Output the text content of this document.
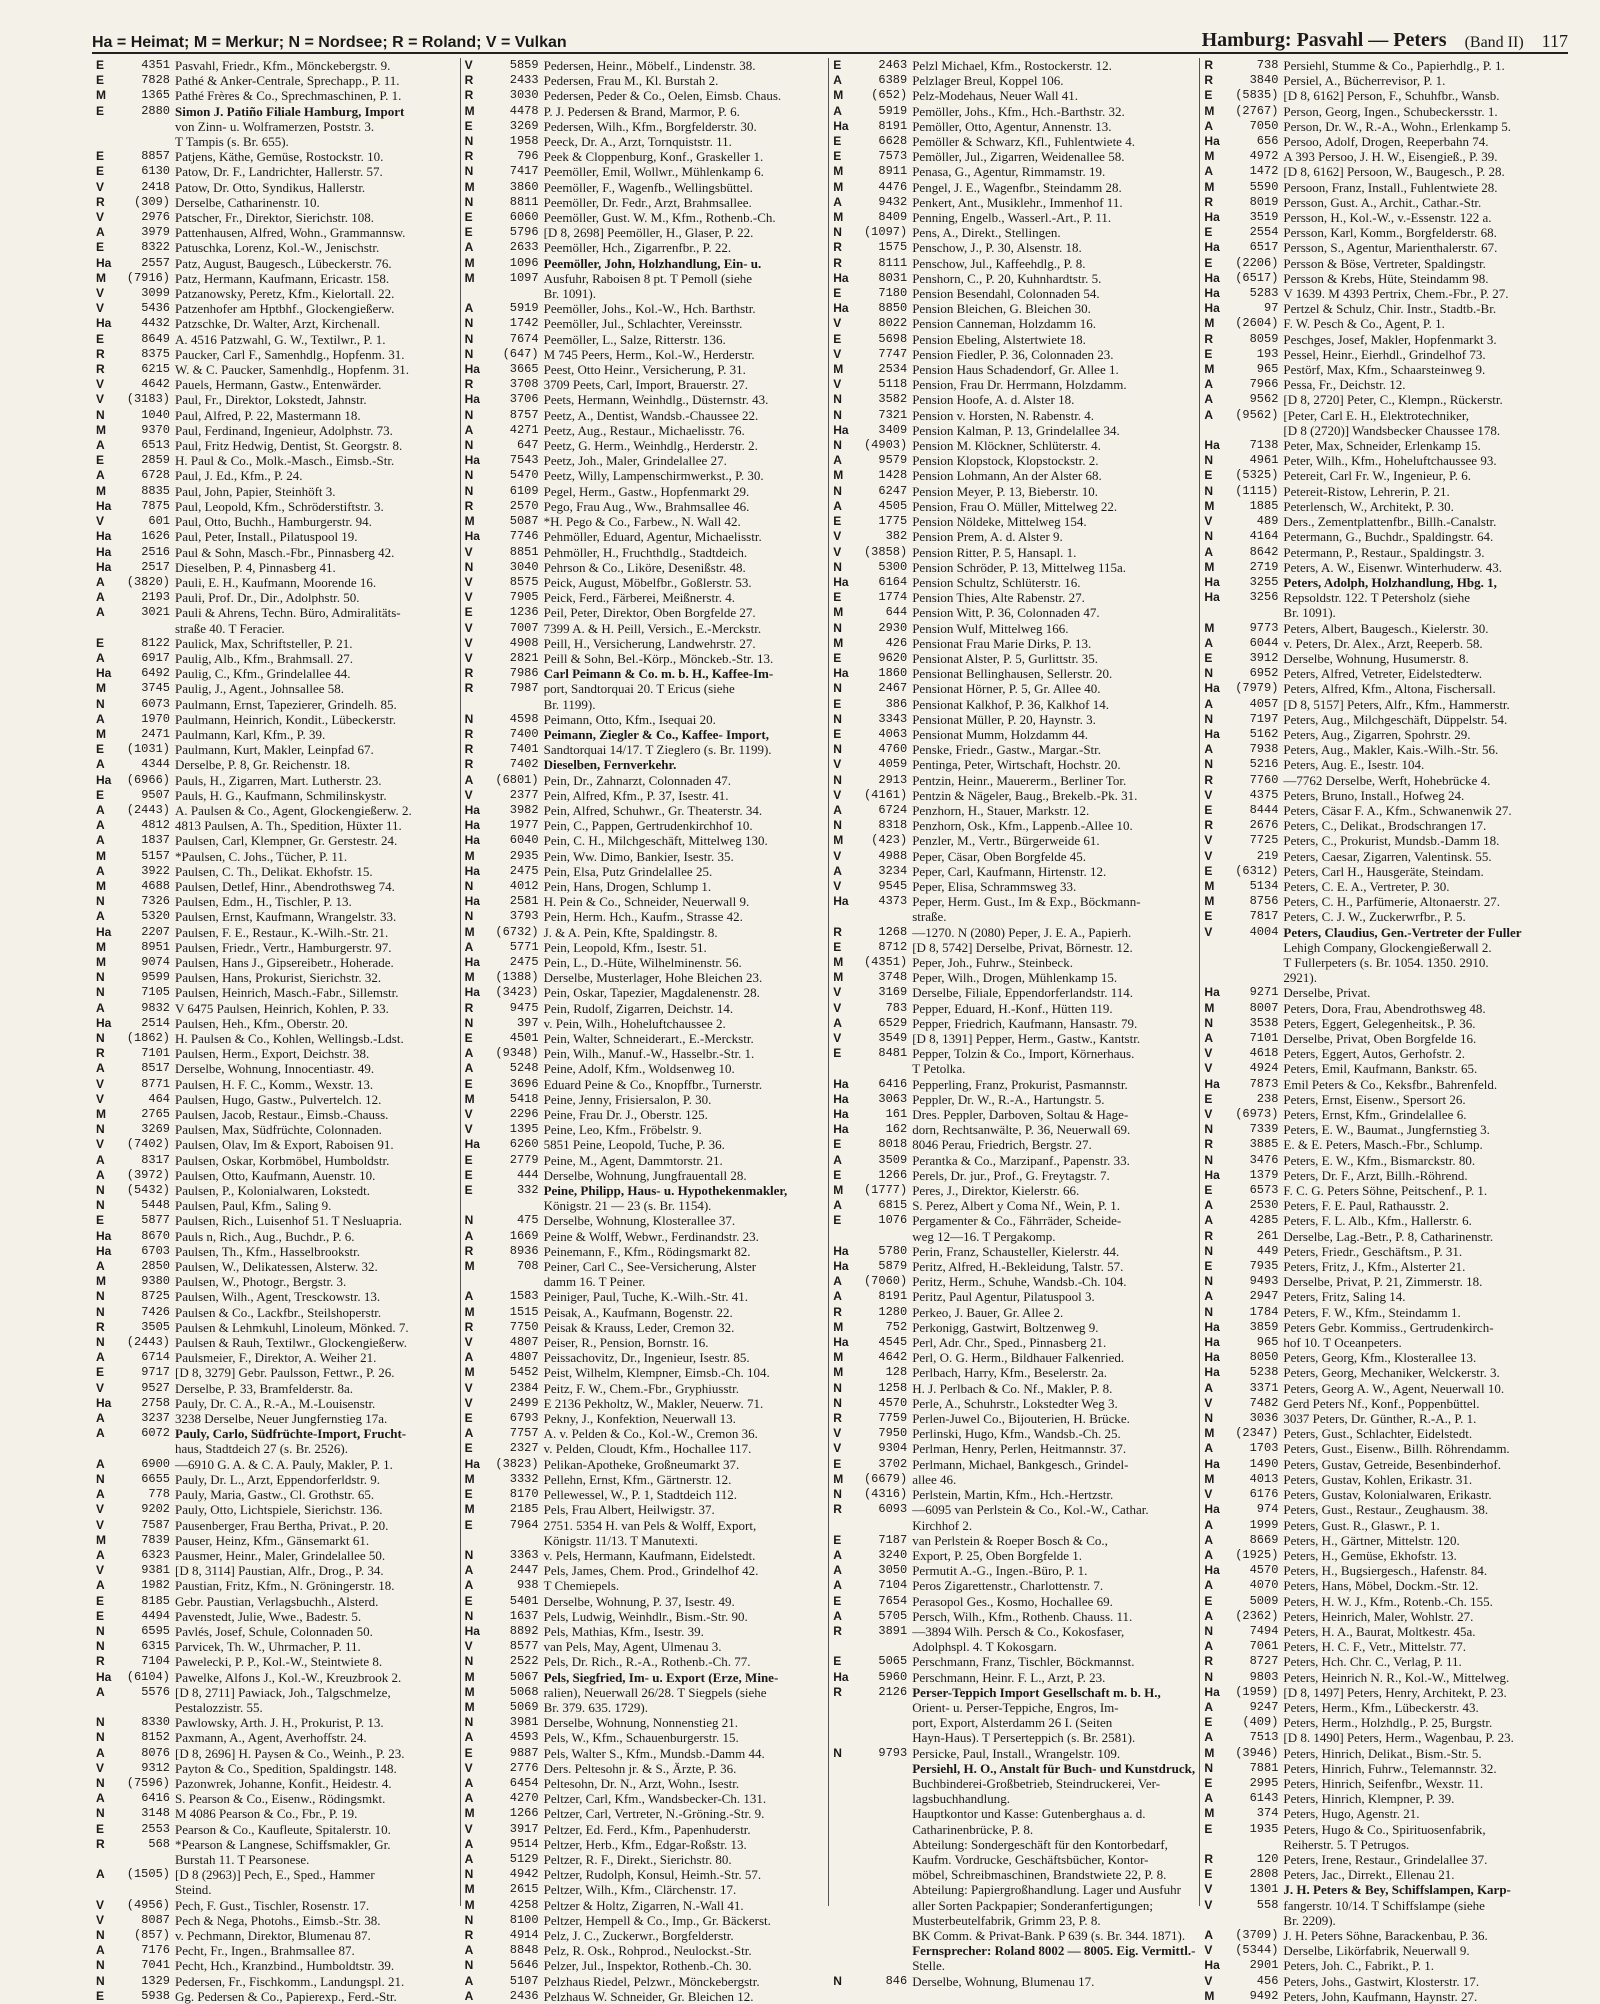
Ha = Heimat; M = Merkur; N = Nordsee; R = Roland; V = Vulkan	Hamburg: Pasvahl — Peters (Band II) 117
E	4351 Pasvahl, Friedr., Kfm., Mönckebergstr. 9.
E	7828 Pathé & Anker-Centrale, Sprechapp., P. 11.
M	1365 Pathé Frères & Co., Sprechmaschinen, P. 1.
E	2880 Simon J. Patiño Filiale Hamburg, Import
von Zinn- u. Wolframerzen, Poststr. 3.
T Tampis (s. Br. 655).
E	8857 Patjens, Käthe, Gemüse, Rostockstr. 10.
E	6130 Patow, Dr. F., Landrichter, Hallerstr. 57.
V	2418 Patow, Dr. Otto, Syndikus, Hallerstr.
R	(309) Derselbe, Catharinenstr. 10.
V	2976 Patscher, Fr., Direktor, Sierichstr. 108.
A	3979 Pattenhausen, Alfred, Wohn., Grammannsw.
E	8322 Patuschka, Lorenz, Kol.-W., Jenischstr.
Ha	2557 Patz, August, Baugesch., Lübeckerstr. 76.
M	(7916) Patz, Hermann, Kaufmann, Ericastr. 158.
V	3099 Patzanowsky, Peretz, Kfm., Kielortall. 22.
V	5436 Patzenhofer am Hptbhf., Glockengießerw.
Ha	4432 Patzschke, Dr. Walter, Arzt, Kirchenall.
E	8649 A. 4516 Patzwahl, G. W., Textilwr., P. 1.
R	8375 Paucker, Carl F., Samenhdlg., Hopfenm. 31.
R	6215 W. & C. Paucker, Samenhdlg., Hopfenm. 31.
V	4642 Pauels, Hermann, Gastw., Entenwärder.
V	(3183) Paul, Fr., Direktor, Lokstedt, Jahnstr.
N	1040 Paul, Alfred, P. 22, Mastermann 18.
M	9370 Paul, Ferdinand, Ingenieur, Adolphstr. 73.
A	6513 Paul, Fritz Hedwig, Dentist, St. Georgstr. 8.
E	2859 H. Paul & Co., Molk.-Masch., Eimsb.-Str.
A	6728 Paul, J. Ed., Kfm., P. 24.
M	8835 Paul, John, Papier, Steinhöft 3.
Ha	7875 Paul, Leopold, Kfm., Schröderstiftstr. 3.
V	601 Paul, Otto, Buchh., Hamburgerstr. 94.
Ha	1626 Paul, Peter, Install., Pilatuspool 19.
Ha	2516 Paul & Sohn, Masch.-Fbr., Pinnasberg 42.
Ha	2517 Dieselben, P. 4, Pinnasberg 41.
A	(3820) Pauli, E. H., Kaufmann, Moorende 16.
A	2193 Pauli, Prof. Dr., Dir., Adolphstr. 50.
A	3021 Pauli & Ahrens, Techn. Büro, Admiralitäts-
straße 40. T Feracier.
E	8122 Paulick, Max, Schriftsteller, P. 21.
A	6917 Paulig, Alb., Kfm., Brahmsall. 27.
Ha	6492 Paulig, C., Kfm., Grindelallee 44.
M	3745 Paulig, J., Agent., Johnsallee 58.
N	6073 Paulmann, Ernst, Tapezierer, Grindelh. 85.
A	1970 Paulmann, Heinrich, Kondit., Lübeckerstr.
M	2471 Paulmann, Karl, Kfm., P. 39.
E	(1031) Paulmann, Kurt, Makler, Leinpfad 67.
A	4344 Derselbe, P. 8, Gr. Reichenstr. 18.
Ha	(6966) Pauls, H., Zigarren, Mart. Lutherstr. 23.
E	9507 Pauls, H. G., Kaufmann, Schmilinskystr.
A	(2443) A. Paulsen & Co., Agent, Glockengießerw. 2.
A	4812 4813 Paulsen, A. Th., Spedition, Hüxter 11.
A	1837 Paulsen, Carl, Klempner, Gr. Gerstestr. 24.
M	5157 *Paulsen, C. Johs., Tücher, P. 11.
A	3922 Paulsen, C. Th., Delikat. Ekhofstr. 15.
M	4688 Paulsen, Detlef, Hinr., Abendrothsweg 74.
N	7326 Paulsen, Edm., H., Tischler, P. 13.
A	5320 Paulsen, Ernst, Kaufmann, Wrangelstr. 33.
Ha	2207 Paulsen, F. E., Restaur., K.-Wilh.-Str. 21.
M	8951 Paulsen, Friedr., Vertr., Hamburgerstr. 97.
M	9074 Paulsen, Hans J., Gipsereibetr., Hoherade.
N	9599 Paulsen, Hans, Prokurist, Sierichstr. 32.
N	7105 Paulsen, Heinrich, Masch.-Fabr., Sillemstr.
A	9832 V 6475 Paulsen, Heinrich, Kohlen, P. 33.
Ha	2514 Paulsen, Heh., Kfm., Oberstr. 20.
N	(1862) H. Paulsen & Co., Kohlen, Wellingsb.-Ldst.
R	7101 Paulsen, Herm., Export, Deichstr. 38.
A	8517 Derselbe, Wohnung, Innocentiastr. 49.
V	8771 Paulsen, H. F. C., Komm., Wexstr. 13.
V	464 Paulsen, Hugo, Gastw., Pulvertelch. 12.
M	2765 Paulsen, Jacob, Restaur., Eimsb.-Chauss.
N	3269 Paulsen, Max, Südfrüchte, Colonnaden.
V	(7402) Paulsen, Olav, Im & Export, Raboisen 91.
A	8317 Paulsen, Oskar, Korbmöbel, Humboldstr.
A	(3972) Paulsen, Otto, Kaufmann, Auenstr. 10.
N	(5432) Paulsen, P., Kolonialwaren, Lokstedt.
N	5448 Paulsen, Paul, Kfm., Saling 9.
E	5877 Paulsen, Rich., Luisenhof 51. T Nesluapria.
Ha	8670 Pauls n, Rich., Aug., Buchdr., P. 6.
Ha	6703 Paulsen, Th., Kfm., Hasselbrookstr.
A	2850 Paulsen, W., Delikatessen, Alsterw. 32.
M	9380 Paulsen, W., Photogr., Bergstr. 3.
N	8725 Paulsen, Wilh., Agent, Tresckowstr. 13.
N	7426 Paulsen & Co., Lackfbr., Steilshoperstr.
R	3505 Paulsen & Lehmkuhl, Linoleum, Mönked. 7.
N	(2443) Paulsen & Rauh, Textilwr., Glockengießerw.
A	6714 Paulsmeier, F., Direktor, A. Weiher 21.
E	9717 [D 8, 3279] Gebr. Paulsson, Fettwr., P. 26.
V	9527 Derselbe, P. 33, Bramfelderstr. 8a.
Ha	2758 Pauly, Dr. C. A., R.-A., M.-Louisenstr.
A	3237 3238 Derselbe, Neuer Jungfernstieg 17a.
A	6072 Pauly, Carlo, Südfrüchte-Import, Frucht-
haus, Stadtdeich 27 (s. Br. 2526).
A	6900 —6910 G. A. & C. A. Pauly, Makler, P. 1.
N	6655 Pauly, Dr. L., Arzt, Eppendorferldstr. 9.
A	778 Pauly, Maria, Gastw., Cl. Grothstr. 65.
V	9202 Pauly, Otto, Lichtspiele, Sierichstr. 136.
V	7587 Pausenberger, Frau Bertha, Privat., P. 20.
M	7839 Pauser, Heinz, Kfm., Gänsemarkt 61.
A	6323 Pausmer, Heinr., Maler, Grindelallee 50.
V	9381 [D 8, 3114] Paustian, Alfr., Drog., P. 34.
A	1982 Paustian, Fritz, Kfm., N. Gröningerstr. 18.
E	8185 Gebr. Paustian, Verlagsbuchh., Alsterd.
E	4494 Pavenstedt, Julie, Wwe., Badestr. 5.
N	6595 Pavlés, Josef, Schule, Colonnaden 50.
N	6315 Parvicek, Th. W., Uhrmacher, P. 11.
R	7104 Pawelecki, P. P., Kol.-W., Steintwiete 8.
Ha	(6104) Pawelke, Alfons J., Kol.-W., Kreuzbrook 2.
A	5576 [D 8, 2711] Pawiack, Joh., Talgschmelze,
Pestalozzistr. 55.
N	8330 Pawlowsky, Arth. J. H., Prokurist, P. 13.
N	8152 Paxmann, A., Agent, Averhoffstr. 24.
A	8076 [D 8, 2696] H. Paysen & Co., Weinh., P. 23.
V	9312 Payton & Co., Spedition, Spaldingstr. 148.
N	(7596) Pazonwrek, Johanne, Konfit., Heidestr. 4.
A	6416 S. Pearson & Co., Eisenw., Rödingsmkt.
N	3148 M 4086 Pearson & Co., Fbr., P. 19.
E	2553 Pearson & Co., Kaufleute, Spitalerstr. 10.
R	568 *Pearson & Langnese, Schiffsmakler, Gr.
Burstah 11. T Pearsonese.
A	(1505) [D 8 (2963)] Pech, E., Sped., Hammer
Steind.
V	(4956) Pech, F. Gust., Tischler, Rosenstr. 17.
V	8087 Pech & Nega, Photohs., Eimsb.-Str. 38.
N	(857) v. Pechmann, Direktor, Blumenau 87.
A	7176 Pecht, Fr., Ingen., Brahmsallee 87.
N	7041 Pecht, Hch., Kranzbind., Humboldtstr. 39.
N	1329 Pedersen, Fr., Fischkomm., Landungspl. 21.
E	5938 Gg. Pedersen & Co., Papierexp., Ferd.-Str.
V	5859 Pedersen, Heinr., Möbelf., Lindenstr. 38.
R	2433 Pedersen, Frau M., Kl. Burstah 2.
R	3030 Pedersen, Peder & Co., Oelen, Eimsb. Chaus.
M	4478 P. J. Pedersen & Brand, Marmor, P. 6.
E	3269 Pedersen, Wilh., Kfm., Borgfelderstr. 30.
N	1958 Peeck, Dr. A., Arzt, Tornquiststr. 11.
R	796 Peek & Cloppenburg, Konf., Graskeller 1.
N	7417 Peemöller, Emil, Wollwr., Mühlenkamp 6.
M	3860 Peemöller, F., Wagenfb., Wellingsbüttel.
N	8811 Peemöller, Dr. Fedr., Arzt, Brahmsallee.
E	6060 Peemöller, Gust. W. M., Kfm., Rothenb.-Ch.
E	5796 [D 8, 2698] Peemöller, H., Glaser, P. 22.
A	2633 Peemöller, Hch., Zigarrenfbr., P. 22.
M	1096 Peemöller, John, Holzhandlung, Ein- u.
M	1097 Ausfuhr, Raboisen 8 pt. T Pemoll (siehe
Br. 1091).
A	5919 Peemöller, Johs., Kol.-W., Hch. Barthstr.
N	1742 Peemöller, Jul., Schlachter, Vereinsstr.
N	7674 Peemöller, L., Salze, Ritterstr. 136.
N	(647) M 745 Peers, Herm., Kol.-W., Herderstr.
Ha	3665 Peest, Otto Heinr., Versicherung, P. 31.
R	3708 3709 Peets, Carl, Import, Brauerstr. 27.
Ha	3706 Peets, Hermann, Weinhdlg., Düsternstr. 43.
N	8757 Peetz, A., Dentist, Wandsb.-Chaussee 22.
A	4271 Peetz, Aug., Restaur., Michaelisstr. 76.
N	647 Peetz, G. Herm., Weinhdlg., Herderstr. 2.
Ha	7543 Peetz, Joh., Maler, Grindelallee 27.
N	5470 Peetz, Willy, Lampenschirmwerkst., P. 30.
N	6109 Pegel, Herm., Gastw., Hopfenmarkt 29.
R	2570 Pego, Frau Aug., Ww., Brahmsallee 46.
M	5087 *H. Pego & Co., Farbew., N. Wall 42.
Ha	7746 Pehmöller, Eduard, Agentur, Michaelisstr.
V	8851 Pehmöller, H., Fruchthdlg., Stadtdeich.
N	3040 Pehrson & Co., Liköre, Desenißstr. 48.
V	8575 Peick, August, Möbelfbr., Goßlerstr. 53.
V	7905 Peick, Ferd., Färberei, Meißnerstr. 4.
E	1236 Peil, Peter, Direktor, Oben Borgfelde 27.
V	7007 7399 A. & H. Peill, Versich., E.-Merckstr.
V	4908 Peill, H., Versicherung, Landwehrstr. 27.
V	2821 Peill & Sohn, Bel.-Körp., Mönckeb.-Str. 13.
R	7986 Carl Peimann & Co. m. b. H., Kaffee-Im-
R	7987 port, Sandtorquai 20. T Ericus (siehe
Br. 1199).
N	4598 Peimann, Otto, Kfm., Isequai 20.
R	7400 Peimann, Ziegler & Co., Kaffee- Import,
R	7401 Sandtorquai 14/17. T Zieglero (s. Br. 1199).
R	7402 Dieselben, Fernverkehr.
A	(6801) Pein, Dr., Zahnarzt, Colonnaden 47.
V	2377 Pein, Alfred, Kfm., P. 37, Isestr. 41.
Ha	3982 Pein, Alfred, Schuhwr., Gr. Theaterstr. 34.
Ha	1977 Pein, C., Pappen, Gertrudenkirchhof 10.
Ha	6040 Pein, C. H., Milchgeschäft, Mittelweg 130.
M	2935 Pein, Ww. Dimo, Bankier, Isestr. 35.
Ha	2475 Pein, Elsa, Putz Grindelallee 25.
N	4012 Pein, Hans, Drogen, Schlump 1.
Ha	2581 H. Pein & Co., Schneider, Neuerwall 9.
N	3793 Pein, Herm. Hch., Kaufm., Strasse 42.
M	(6732) J. & A. Pein, Kfte, Spaldingstr. 8.
A	5771 Pein, Leopold, Kfm., Isestr. 51.
Ha	2475 Pein, L., D.-Hüte, Wilhelminenstr. 56.
M	(1388) Derselbe, Musterlager, Hohe Bleichen 23.
Ha	(3423) Pein, Oskar, Tapezier, Magdalenenstr. 28.
R	9475 Pein, Rudolf, Zigarren, Deichstr. 14.
N	397 v. Pein, Wilh., Hoheluftchaussee 2.
E	4501 Pein, Walter, Schneiderart., E.-Merckstr.
A	(9348) Pein, Wilh., Manuf.-W., Hasselbr.-Str. 1.
A	5248 Peine, Adolf, Kfm., Woldsenweg 10.
E	3696 Eduard Peine & Co., Knopffbr., Turnerstr.
M	5418 Peine, Jenny, Frisiersalon, P. 30.
V	2296 Peine, Frau Dr. J., Oberstr. 125.
V	1395 Peine, Leo, Kfm., Fröbelstr. 9.
Ha	6260 5851 Peine, Leopold, Tuche, P. 36.
E	2779 Peine, M., Agent, Dammtorstr. 21.
E	444 Derselbe, Wohnung, Jungfrauentall 28.
E	332 Peine, Philipp, Haus- u. Hypothekenmakler,
Königstr. 21 — 23 (s. Br. 1154).
N	475 Derselbe, Wohnung, Klosterallee 37.
A	1669 Peine & Wolff, Webwr., Ferdinandstr. 23.
R	8936 Peinemann, F., Kfm., Rödingsmarkt 82.
M	708 Peiner, Carl C., See-Versicherung, Alster
damm 16. T Peiner.
A	1583 Peiniger, Paul, Tuche, K.-Wilh.-Str. 41.
M	1515 Peisak, A., Kaufmann, Bogenstr. 22.
R	7750 Peisak & Krauss, Leder, Cremon 32.
V	4807 Peiser, R., Pension, Bornstr. 16.
A	4807 Peissachovitz, Dr., Ingenieur, Isestr. 85.
M	5452 Peist, Wilhelm, Klempner, Eimsb.-Ch. 104.
V	2384 Peitz, F. W., Chem.-Fbr., Gryphiusstr.
V	2499 E 2136 Pekholtz, W., Makler, Neuerw. 71.
E	6793 Pekny, J., Konfektion, Neuerwall 13.
A	7757 A. v. Pelden & Co., Kol.-W., Cremon 36.
E	2327 v. Pelden, Cloudt, Kfm., Hochallee 117.
Ha	(3823) Pelikan-Apotheke, Großneumarkt 37.
M	3332 Pellehn, Ernst, Kfm., Gärtnerstr. 12.
E	8170 Pellewessel, W., P. 1, Stadtdeich 112.
M	2185 Pels, Frau Albert, Heilwigstr. 37.
E	7964 2751. 5354 H. van Pels & Wolff, Export,
Königstr. 11/13. T Manutexti.
N	3363 v. Pels, Hermann, Kaufmann, Eidelstedt.
A	2447 Pels, James, Chem. Prod., Grindelhof 42.
A	938 T Chemiepels.
E	5401 Derselbe, Wohnung, P. 37, Isestr. 49.
N	1637 Pels, Ludwig, Weinhdlr., Bism.-Str. 90.
Ha	8892 Pels, Mathias, Kfm., Isestr. 39.
V	8577 van Pels, May, Agent, Ulmenau 3.
N	2522 Pels, Dr. Rich., R.-A., Rothenb.-Ch. 77.
M	5067 Pels, Siegfried, Im- u. Export (Erze, Mine-
M	5068 ralien), Neuerwall 26/28. T Siegpels (siehe
M	5069 Br. 379. 635. 1729).
N	3981 Derselbe, Wohnung, Nonnenstieg 21.
A	4593 Pels, W., Kfm., Schauenburgerstr. 15.
E	9887 Pels, Walter S., Kfm., Mundsb.-Damm 44.
V	2776 Ders. Peltesohn jr. & S., Ärzte, P. 36.
A	6454 Peltesohn, Dr. N., Arzt, Wohn., Isestr.
A	4270 Peltzer, Carl, Kfm., Wandsbecker-Ch. 131.
M	1266 Peltzer, Carl, Vertreter, N.-Gröning.-Str. 9.
V	3917 Peltzer, Ed. Ferd., Kfm., Papenhuderstr.
A	9514 Peltzer, Herb., Kfm., Edgar-Roßstr. 13.
A	5129 Peltzer, R. F., Direkt., Sierichstr. 80.
N	4942 Peltzer, Rudolph, Konsul, Heimh.-Str. 57.
M	2615 Peltzer, Wilh., Kfm., Clärchenstr. 17.
M	4258 Peltzer & Holtz, Zigarren, N.-Wall 41.
N	8100 Peltzer, Hempell & Co., Imp., Gr. Bäckerst.
R	4914 Pelz, J. C., Zuckerwr., Borgfelderstr.
A	8848 Pelz, R. Osk., Rohprod., Neulockst.-Str.
N	5646 Pelzer, Jul., Inspektor, Rothenb.-Ch. 30.
A	5107 Pelzhaus Riedel, Pelzwr., Mönckebergstr.
A	2436 Pelzhaus W. Schneider, Gr. Bleichen 12.
E	2463 Pelzl Michael, Kfm., Rostockerstr. 12.
A	6389 Pelzlager Breul, Koppel 106.
M	(652) Pelz-Modehaus, Neuer Wall 41.
A	5919 Pemöller, Johs., Kfm., Hch.-Barthstr. 32.
Ha	8191 Pemöller, Otto, Agentur, Annenstr. 13.
E	6628 Pemöller & Schwarz, Kfl., Fuhlentwiete 4.
E	7573 Pemöller, Jul., Zigarren, Weidenallee 58.
M	8911 Penasa, G., Agentur, Rimmamstr. 19.
M	4476 Pengel, J. E., Wagenfbr., Steindamm 28.
A	9432 Penkert, Ant., Musiklehr., Immenhof 11.
M	8409 Penning, Engelb., Wasserl.-Art., P. 11.
N	(1097) Pens, A., Direkt., Stellingen.
R	1575 Penschow, J., P. 30, Alsenstr. 18.
R	8111 Penschow, Jul., Kaffeehdlg., P. 8.
Ha	8031 Penshorn, C., P. 20, Kuhnhardtstr. 5.
E	7180 Pension Besendahl, Colonnaden 54.
Ha	8850 Pension Bleichen, G. Bleichen 30.
V	8022 Pension Canneman, Holzdamm 16.
E	5698 Pension Ebeling, Alstertwiete 18.
V	7747 Pension Fiedler, P. 36, Colonnaden 23.
M	2534 Pension Haus Schadendorf, Gr. Allee 1.
V	5118 Pension, Frau Dr. Herrmann, Holzdamm.
N	3582 Pension Hoofe, A. d. Alster 18.
N	7321 Pension v. Horsten, N. Rabenstr. 4.
Ha	3409 Pension Kalman, P. 13, Grindelallee 34.
N	(4903) Pension M. Klöckner, Schlüterstr. 4.
A	9579 Pension Klopstock, Klopstockstr. 2.
M	1428 Pension Lohmann, An der Alster 68.
N	6247 Pension Meyer, P. 13, Bieberstr. 10.
A	4505 Pension, Frau O. Müller, Mittelweg 22.
E	1775 Pension Nöldeke, Mittelweg 154.
V	382 Pension Prem, A. d. Alster 9.
V	(3858) Pension Ritter, P. 5, Hansapl. 1.
N	5300 Pension Schröder, P. 13, Mittelweg 115a.
Ha	6164 Pension Schultz, Schlüterstr. 16.
E	1774 Pension Thies, Alte Rabenstr. 27.
M	644 Pension Witt, P. 36, Colonnaden 47.
N	2930 Pension Wulf, Mittelweg 166.
M	426 Pensionat Frau Marie Dirks, P. 13.
E	9620 Pensionat Alster, P. 5, Gurlittstr. 35.
Ha	1860 Pensionat Bellinghausen, Sellerstr. 20.
N	2467 Pensionat Hörner, P. 5, Gr. Allee 40.
E	386 Pensionat Kalkhof, P. 36, Kalkhof 14.
N	3343 Pensionat Müller, P. 20, Haynstr. 3.
E	4063 Pensionat Mumm, Holzdamm 44.
N	4760 Penske, Friedr., Gastw., Margar.-Str.
V	4059 Pentinga, Peter, Wirtschaft, Hochstr. 20.
N	2913 Pentzin, Heinr., Mauererm., Berliner Tor.
V	(4161) Pentzin & Nägeler, Baug., Brekelb.-Pk. 31.
A	6724 Penzhorn, H., Stauer, Markstr. 12.
N	8318 Penzhorn, Osk., Kfm., Lappenb.-Allee 10.
M	(423) Penzler, M., Vertr., Bürgerweide 61.
V	4988 Peper, Cäsar, Oben Borgfelde 45.
A	3234 Peper, Carl, Kaufmann, Hirtenstr. 12.
V	9545 Peper, Elisa, Schrammsweg 33.
Ha	4373 Peper, Herm. Gust., Im & Exp., Böckmann-
straße.
R	1268 —1270. N (2080) Peper, J. E. A., Papierh.
E	8712 [D 8, 5742] Derselbe, Privat, Börnestr. 12.
M	(4351) Peper, Joh., Fuhrw., Steinbeck.
M	3748 Peper, Wilh., Drogen, Mühlenkamp 15.
V	3169 Derselbe, Filiale, Eppendorferlandstr. 114.
V	783 Pepper, Eduard, H.-Konf., Hütten 119.
A	6529 Pepper, Friedrich, Kaufmann, Hansastr. 79.
V	3549 [D 8, 1391] Pepper, Herm., Gastw., Kantstr.
E	8481 Pepper, Tolzin & Co., Import, Körnerhaus.
T Petolka.
Ha	6416 Pepperling, Franz, Prokurist, Pasmannstr.
Ha	3063 Peppler, Dr. W., R.-A., Hartungstr. 5.
Ha	161 Dres. Peppler, Darboven, Soltau & Hage-
Ha	162 dorn, Rechtsanwälte, P. 36, Neuerwall 69.
E	8018 8046 Perau, Friedrich, Bergstr. 27.
A	3509 Perantka & Co., Marzipanf., Papenstr. 33.
E	1266 Perels, Dr. jur., Prof., G. Freytagstr. 7.
M	(1777) Peres, J., Direktor, Kielerstr. 66.
A	6815 S. Perez, Albert y Coma Nf., Wein, P. 1.
E	1076 Pergamenter & Co., Fährräder, Scheide-
weg 12—16. T Pergakomp.
Ha	5780 Perin, Franz, Schausteller, Kielerstr. 44.
Ha	5879 Peritz, Alfred, H.-Bekleidung, Talstr. 57.
A	(7060) Peritz, Herm., Schuhe, Wandsb.-Ch. 104.
A	8191 Peritz, Paul Agentur, Pilatuspool 3.
R	1280 Perkeo, J. Bauer, Gr. Allee 2.
M	752 Perkonigg, Gastwirt, Boltzenweg 9.
Ha	4545 Perl, Adr. Chr., Sped., Pinnasberg 21.
M	4642 Perl, O. G. Herm., Bildhauer Falkenried.
M	128 Perlbach, Harry, Kfm., Beselerstr. 2a.
N	1258 H. J. Perlbach & Co. Nf., Makler, P. 8.
N	4570 Perle, A., Schuhrstr., Lokstedter Weg 3.
R	7759 Perlen-Juwel Co., Bijouterien, H. Brücke.
V	7950 Perlinski, Hugo, Kfm., Wandsb.-Ch. 25.
V	9304 Perlman, Henry, Perlen, Heitmannstr. 37.
E	3702 Perlmann, Michael, Bankgesch., Grindel-
M	(6679) allee 46.
N	(4316) Perlstein, Martin, Kfm., Hch.-Hertzstr.
R	6093 —6095 van Perlstein & Co., Kol.-W., Cathar.
Kirchhof 2.
E	7187 van Perlstein & Roeper Bosch & Co.,
A	3240 Export, P. 25, Oben Borgfelde 1.
A	3050 Permutit A.-G., Ingen.-Büro, P. 1.
A	7104 Peros Zigarettenstr., Charlottenstr. 7.
E	7654 Perasopol Ges., Kosmo, Hochallee 69.
A	5705 Persch, Wilh., Kfm., Rothenb. Chauss. 11.
R	3891 —3894 Wilh. Persch & Co., Kokosfaser,
Adolphspl. 4. T Kokosgarn.
E	5065 Perschmann, Franz, Tischler, Böckmannst.
Ha	5960 Perschmann, Heinr. F. L., Arzt, P. 23.
R	2126 Perser-Teppich Import Gesellschaft m. b. H.,
Orient- u. Perser-Teppiche, Engros, Im-
port, Export, Alsterdamm 26 I. (Seiten
Hayn-Haus). T Perserteppich (s. Br. 2581).
N	9793 Persicke, Paul, Install., Wrangelstr. 109.
Persiehl, H. O., Anstalt für Buch- und Kunstdruck,
Buchbinderei-Großbetrieb, Steindruckerei, Ver-
lagsbuchhandlung.
Hauptkontor und Kasse: Gutenberghaus a. d.
Catharinenbrücke, P. 8.
Abteilung: Sondergeschäft für den Kontorbedarf,
Kaufm. Vordrucke, Geschäftsbücher, Kontor-
möbel, Schreibmaschinen, Brandstwiete 22, P. 8.
Abteilung: Papiergroßhandlung. Lager und Ausfuhr
aller Sorten Packpapier; Sonderanfertigungen;
Musterbeutelfabrik, Grimm 23, P. 8.
BK Comm. & Privat-Bank. P 639 (s. Br. 344. 1871).
Fernsprecher: Roland 8002 — 8005. Eig. Vermittl.-
Stelle.
N	846 Derselbe, Wohnung, Blumenau 17.
R	738 Persiehl, Stumme & Co., Papierhdlg., P. 1.
R	3840 Persiel, A., Bücherrevisor, P. 1.
E	(5835) [D 8, 6162] Person, F., Schuhfbr., Wansb.
M	(2767) Person, Georg, Ingen., Schubeckersstr. 1.
A	7050 Person, Dr. W., R.-A., Wohn., Erlenkamp 5.
Ha	656 Persoo, Adolf, Drogen, Reeperbahn 74.
M	4972 A 393 Persoo, J. H. W., Eisengieß., P. 39.
A	1472 [D 8, 6162] Persoon, W., Baugesch., P. 28.
M	5590 Persoon, Franz, Install., Fuhlentwiete 28.
R	8019 Persson, Gust. A., Archit., Cathar.-Str.
Ha	3519 Persson, H., Kol.-W., v.-Essenstr. 122 a.
E	2554 Persson, Karl, Komm., Borgfelderstr. 68.
Ha	6517 Persson, S., Agentur, Marienthalerstr. 67.
E	(2206) Persson & Böse, Vertreter, Spaldingstr.
Ha	(6517) Persson & Krebs, Hüte, Steindamm 98.
Ha	5283 V 1639. M 4393 Pertrix, Chem.-Fbr., P. 27.
Ha	97 Pertzel & Schulz, Chir. Instr., Stadtb.-Br.
M	(2604) F. W. Pesch & Co., Agent, P. 1.
R	8059 Peschges, Josef, Makler, Hopfenmarkt 3.
E	193 Pessel, Heinr., Eierhdl., Grindelhof 73.
M	965 Pestörf, Max, Kfm., Schaarsteinweg 9.
A	7966 Pessa, Fr., Deichstr. 12.
A	9562 [D 8, 2720] Peter, C., Klempn., Rückerstr.
A	(9562) [Peter, Carl E. H., Elektrotechniker,
[D 8 (2720)] Wandsbecker Chaussee 178.
Ha	7138 Peter, Max, Schneider, Erlenkamp 15.
N	4961 Peter, Wilh., Kfm., Hoheluftchaussee 93.
E	(5325) Petereit, Carl Fr. W., Ingenieur, P. 6.
N	(1115) Petereit-Ristow, Lehrerin, P. 21.
M	1885 Peterlensch, W., Architekt, P. 30.
V	489 Ders., Zementplattenfbr., Billh.-Canalstr.
N	4164 Petermann, G., Buchdr., Spaldingstr. 64.
A	8642 Petermann, P., Restaur., Spaldingstr. 3.
M	2719 Peters, A. W., Eisenwr. Winterhuderw. 43.
Ha	3255 Peters, Adolph, Holzhandlung, Hbg. 1,
Ha	3256 Repsoldstr. 122. T Petersholz (siehe
Br. 1091).
M	9773 Peters, Albert, Baugesch., Kielerstr. 30.
A	6044 v. Peters, Dr. Alex., Arzt, Reeperb. 58.
E	3912 Derselbe, Wohnung, Husumerstr. 8.
N	6952 Peters, Alfred, Vetreter, Eidelstedterw.
Ha	(7979) Peters, Alfred, Kfm., Altona, Fischersall.
A	4057 [D 8, 5157] Peters, Alfr., Kfm., Hammerstr.
N	7197 Peters, Aug., Milchgeschäft, Düppelstr. 54.
Ha	5162 Peters, Aug., Zigarren, Spohrstr. 29.
A	7938 Peters, Aug., Makler, Kais.-Wilh.-Str. 56.
N	5216 Peters, Aug. E., Isestr. 104.
R	7760 —7762 Derselbe, Werft, Hohebrücke 4.
V	4375 Peters, Bruno, Install., Hofweg 24.
E	8444 Peters, Cäsar F. A., Kfm., Schwanenwik 27.
R	2676 Peters, C., Delikat., Brodschrangen 17.
V	7725 Peters, C., Prokurist, Mundsb.-Damm 18.
V	219 Peters, Caesar, Zigarren, Valentinsk. 55.
E	(6312) Peters, Carl H., Hausgeräte, Steindam.
M	5134 Peters, C. E. A., Vertreter, P. 30.
M	8756 Peters, C. H., Parfümerie, Altonaerstr. 27.
E	7817 Peters, C. J. W., Zuckerwrfbr., P. 5.
V	4004 Peters, Claudius, Gen.-Vertreter der Fuller
Lehigh Company, Glockengießerwall 2.
T Fullerpeters (s. Br. 1054. 1350. 2910.
2921).
Ha	9271 Derselbe, Privat.
M	8007 Peters, Dora, Frau, Abendrothsweg 48.
N	3538 Peters, Eggert, Gelegenheitsk., P. 36.
A	7101 Derselbe, Privat, Oben Borgfelde 16.
V	4618 Peters, Eggert, Autos, Gerhofstr. 2.
V	4924 Peters, Emil, Kaufmann, Bankstr. 65.
Ha	7873 Emil Peters & Co., Keksfbr., Bahrenfeld.
E	238 Peters, Ernst, Eisenw., Spersort 26.
V	(6973) Peters, Ernst, Kfm., Grindelallee 6.
N	7339 Peters, E. W., Baumat., Jungfernstieg 3.
R	3885 E. & E. Peters, Masch.-Fbr., Schlump.
N	3476 Peters, E. W., Kfm., Bismarckstr. 80.
Ha	1379 Peters, Dr. F., Arzt, Billh.-Röhrend.
E	6573 F. C. G. Peters Söhne, Peitschenf., P. 1.
A	2530 Peters, F. E. Paul, Rathausstr. 2.
A	4285 Peters, F. L. Alb., Kfm., Hallerstr. 6.
R	261 Derselbe, Lag.-Betr., P. 8, Catharinenstr.
N	449 Peters, Friedr., Geschäftsm., P. 31.
E	7935 Peters, Fritz, J., Kfm., Alsterter 21.
N	9493 Derselbe, Privat, P. 21, Zimmerstr. 18.
A	2947 Peters, Fritz, Saling 14.
N	1784 Peters, F. W., Kfm., Steindamm 1.
Ha	3859 Peters Gebr. Kommiss., Gertrudenkirch-
Ha	965 hof 10. T Oceanpeters.
Ha	8050 Peters, Georg, Kfm., Klosterallee 13.
Ha	5238 Peters, Georg, Mechaniker, Welckerstr. 3.
A	3371 Peters, Georg A. W., Agent, Neuerwall 10.
V	7482 Gerd Peters Nf., Konf., Poppenbüttel.
N	3036 3037 Peters, Dr. Günther, R.-A., P. 1.
M	(2347) Peters, Gust., Schlachter, Eidelstedt.
A	1703 Peters, Gust., Eisenw., Billh. Röhrendamm.
Ha	1490 Peters, Gustav, Getreide, Besenbinderhof.
M	4013 Peters, Gustav, Kohlen, Erikastr. 31.
V	6176 Peters, Gustav, Kolonialwaren, Erikastr.
Ha	974 Peters, Gust., Restaur., Zeughausm. 38.
A	1999 Peters, Gust. R., Glaswr., P. 1.
A	8669 Peters, H., Gärtner, Mittelstr. 120.
A	(1925) Peters, H., Gemüse, Ekhofstr. 13.
Ha	4570 Peters, H., Bugsiergesch., Hafenstr. 84.
A	4070 Peters, Hans, Möbel, Dockm.-Str. 12.
E	5009 Peters, H. W. J., Kfm., Rotenb.-Ch. 155.
A	(2362) Peters, Heinrich, Maler, Wohlstr. 27.
N	7494 Peters, H. A., Baurat, Moltkestr. 45a.
A	7061 Peters, H. C. F., Vetr., Mittelstr. 77.
R	8727 Peters, Hch. Chr. C., Verlag, P. 11.
N	9803 Peters, Heinrich N. R., Kol.-W., Mittelweg.
Ha	(1959) [D 8, 1497] Peters, Henry, Architekt, P. 23.
A	9247 Peters, Herm., Kfm., Lübeckerstr. 43.
E	(409) Peters, Herm., Holzhdlg., P. 25, Burgstr.
A	7513 [D 8. 1490] Peters, Herm., Wagenbau, P. 23.
M	(3946) Peters, Hinrich, Delikat., Bism.-Str. 5.
N	7881 Peters, Hinrich, Fuhrw., Telemannstr. 32.
E	2995 Peters, Hinrich, Seifenfbr., Wexstr. 11.
A	6143 Peters, Hinrich, Klempner, P. 39.
M	374 Peters, Hugo, Agenstr. 21.
E	1935 Peters, Hugo & Co., Spirituosenfabrik,
Reiherstr. 5. T Petrugos.
R	120 Peters, Irene, Restaur., Grindelallee 37.
E	2808 Peters, Jac., Dirrekt., Ellenau 21.
V	1301 J. H. Peters & Bey, Schiffslampen, Karp-
V	558 fangerstr. 10/14. T Schiffslampe (siehe
Br. 2209).
A	(3709) J. H. Peters Söhne, Barackenbau, P. 36.
V	(5344) Derselbe, Likörfabrik, Neuerwall 9.
Ha	2901 Peters, Joh. C., Fabrikt., P. 1.
V	456 Peters, Johs., Gastwirt, Klosterstr. 17.
M	9492 Peters, John, Kaufmann, Haynstr. 27.
